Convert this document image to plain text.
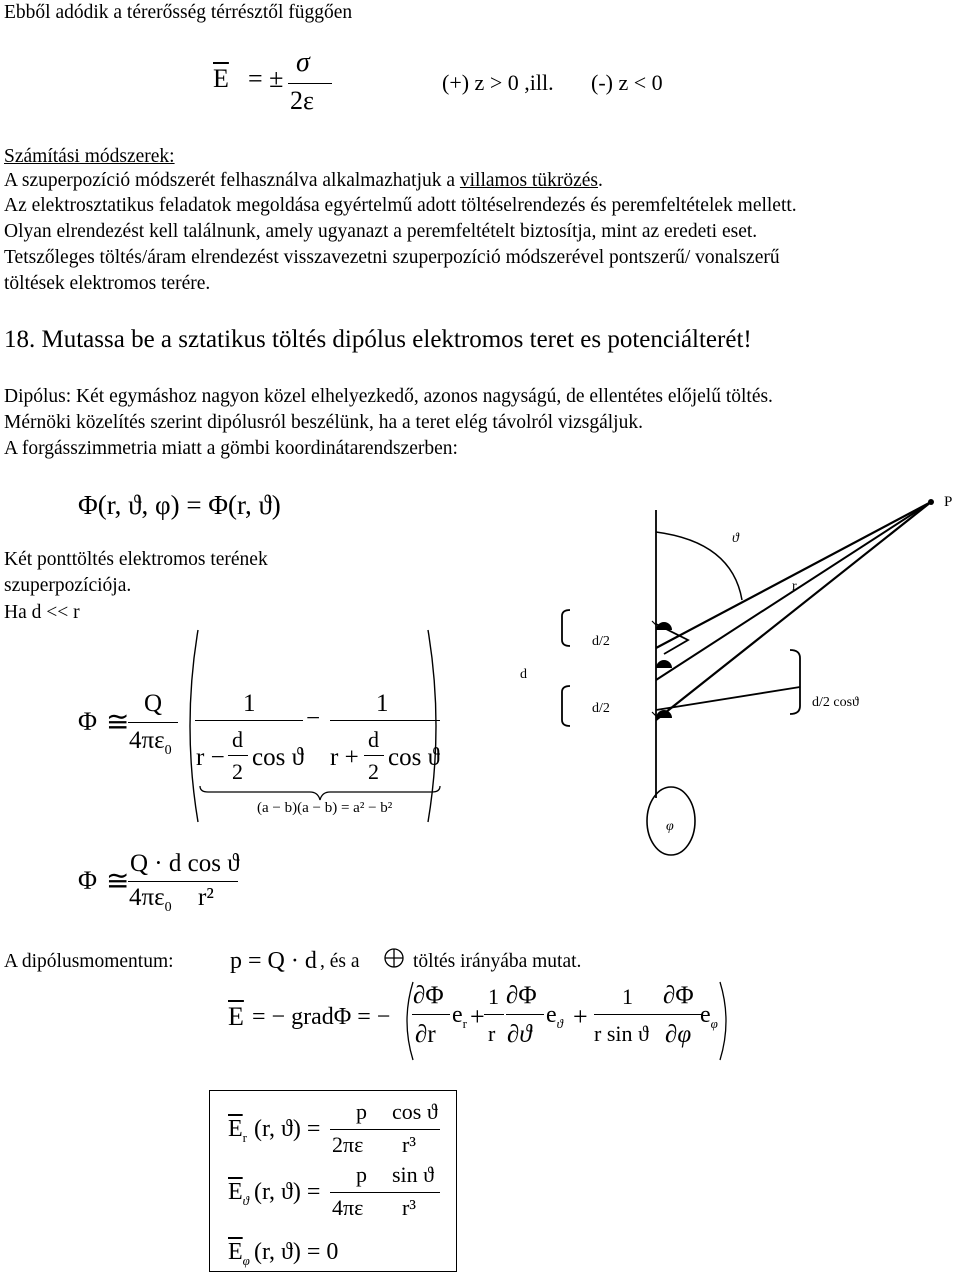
Ebből adódik a térerősség térrésztől függően
$\overline{E}$ = ±
σ
2ε
(+) z > 0 ,ill. (-) z < 0
Számítási módszerek:
A szuperpozíció módszerét felhasználva alkalmazhatjuk a villamos tükrözés.
Az elektrosztatikus feladatok megoldása egyértelmű adott töltéselrendezés és peremfeltételek mellett.
Olyan elrendezést kell találnunk, amely ugyanazt a peremfeltételt biztosítja, mint az eredeti eset.
Tetszőleges töltés/áram elrendezést visszavezetni szuperpozíció módszerével pontszerű/ vonalszerű
töltések elektromos terére.
18. Mutassa be a sztatikus töltés dipólus elektromos teret es potenciálterét!
Dipólus: Két egymáshoz nagyon közel elhelyezkedő, azonos nagyságú, de ellentétes előjelű töltés.
Mérnöki közelítés szerint dipólusról beszélünk, ha a teret elég távolról vizsgáljuk.
A forgásszimmetria miatt a gömbi koordinátarendszerben:
Φ(r, ϑ, φ) = Φ(r, ϑ)
Két ponttöltés elektromos terének
szuperpozíciója.
Ha d << r
Φ ≅
Q
$4\pi\varepsilon_0$
1
−
r −
d
2
cos ϑ
1
r +
d
2
cos ϑ
(a − b)(a − b) = a² − b²
Φ ≅
Q · d cos ϑ
$4\pi\varepsilon_0$ r²
A dipólusmomentum: p = Q · d , és a	töltés irányába mutat.
$\overline{E}$ = − gradΦ = −
∂Φ
∂r
$e_r$ +
1
r
∂Φ
∂ϑ
$e_ϑ$ +
1
r sin ϑ
∂Φ
∂φ
$e_\varphi$
$\overline{E}_r$ (r, ϑ) =
p
2πε
cos ϑ
r³
$\overline{E}_ϑ$ (r, ϑ) =
p
4πε
sin ϑ
r³
$\overline{E}_\varphi$ (r, ϑ) = 0
P
ϑ
r
d/2
d/2
d
d/2 cosϑ
φ
